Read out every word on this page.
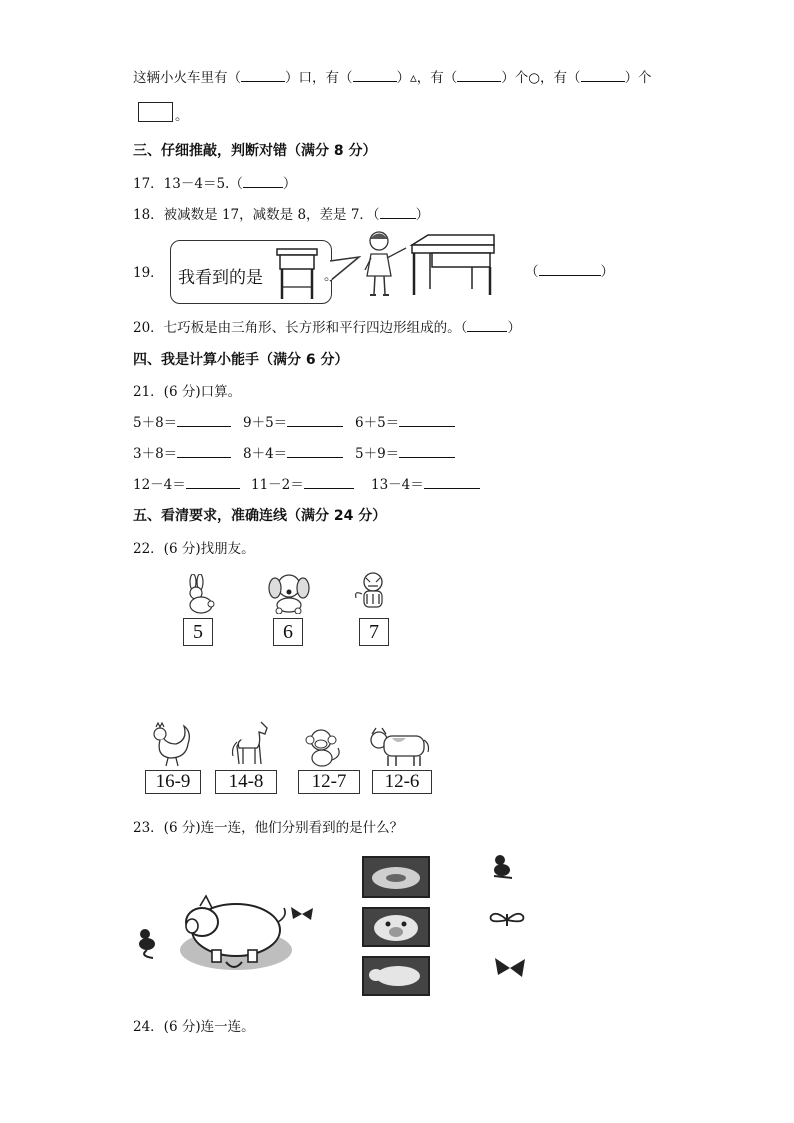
这辆小火车里有（	）口，有（	）▵，有（	）个○，有（	）个
。
三、仔细推敲，判断对错（满分 8 分）
17．13－4＝5.（	）
18．被减数是 17，减数是 8，差是 7．（	）
19． 我看到的是	。	（	）
20．七巧板是由三角形、长方形和平行四边形组成的。（	）
四、我是计算小能手（满分 6 分）
21．(6 分)口算。
5＋8＝	9＋5＝	6＋5＝
3＋8＝	8＋4＝	5＋9＝
12－4＝	11－2＝	13－4＝
五、看清要求，准确连线（满分 24 分）
22．(6 分)找朋友。
5	6	7
16-9	14-8	12-7	12-6
23．(6 分)连一连，他们分别看到的是什么？
24．(6 分)连一连。
